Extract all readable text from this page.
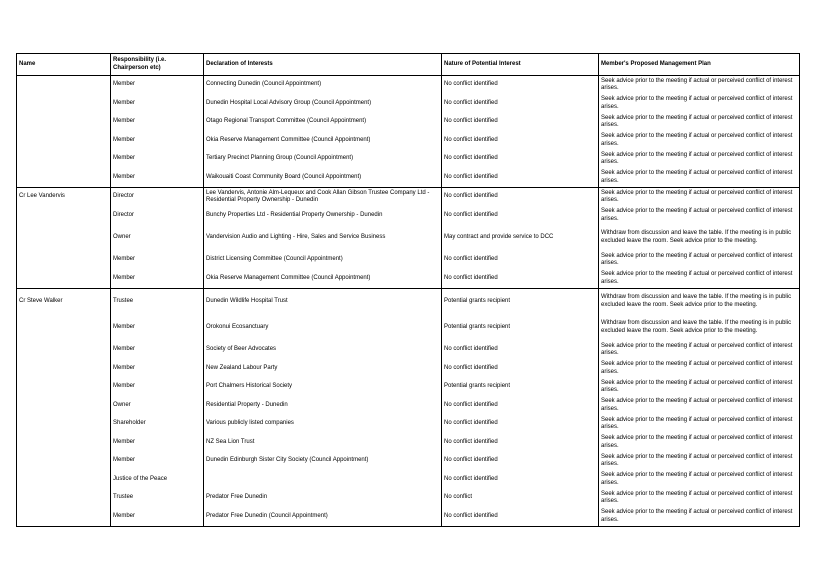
Name	Responsibility (i.e. Chairperson etc)	Declaration of Interests	Nature of Potential Interest	Member's Proposed Management Plan
	Member	Connecting Dunedin (Council Appointment)	No conflict identified	Seek advice prior to the meeting if actual or perceived conflict of interest arises.
	Member	Dunedin Hospital Local Advisory Group (Council Appointment)	No conflict identified	Seek advice prior to the meeting if actual or perceived conflict of interest arises.
	Member	Otago Regional Transport Committee (Council Appointment)	No conflict identified	Seek advice prior to the meeting if actual or perceived conflict of interest arises.
	Member	Okia Reserve Management Committee (Council Appointment)	No conflict identified	Seek advice prior to the meeting if actual or perceived conflict of interest arises.
	Member	Tertiary Precinct Planning Group (Council Appointment)	No conflict identified	Seek advice prior to the meeting if actual or perceived conflict of interest arises.
	Member	Waikouaiti Coast Community Board (Council Appointment)	No conflict identified	Seek advice prior to the meeting if actual or perceived conflict of interest arises.
Cr Lee Vandervis	Director	Lee Vandervis, Antonie Alm-Lequeux and Cook Allan Gibson Trustee Company Ltd - Residential Property Ownership - Dunedin	No conflict identified	Seek advice prior to the meeting if actual or perceived conflict of interest arises.
	Director	Bunchy Properties Ltd - Residential Property Ownership - Dunedin	No conflict identified	Seek advice prior to the meeting if actual or perceived conflict of interest arises.
	Owner	Vandervision Audio and Lighting - Hire, Sales and Service Business	May contract and provide service to DCC	Withdraw from discussion and leave the table. If the meeting is in public excluded leave the room. Seek advice prior to the meeting.
	Member	District Licensing Committee (Council Appointment)	No conflict identified	Seek advice prior to the meeting if actual or perceived conflict of interest arises.
	Member	Okia Reserve Management Committee (Council Appointment)	No conflict identified	Seek advice prior to the meeting if actual or perceived conflict of interest arises.
Cr Steve Walker	Trustee	Dunedin Wildlife Hospital Trust	Potential grants recipient	Withdraw from discussion and leave the table. If the meeting is in public excluded leave the room. Seek advice prior to the meeting.
	Member	Orokonui Ecosanctuary	Potential grants recipient	Withdraw from discussion and leave the table. If the meeting is in public excluded leave the room. Seek advice prior to the meeting.
	Member	Society of Beer Advocates	No conflict identified	Seek advice prior to the meeting if actual or perceived conflict of interest arises.
	Member	New Zealand Labour Party	No conflict identified	Seek advice prior to the meeting if actual or perceived conflict of interest arises.
	Member	Port Chalmers Historical Society	Potential grants recipient	Seek advice prior to the meeting if actual or perceived conflict of interest arises.
	Owner	Residential Property - Dunedin	No conflict identified	Seek advice prior to the meeting if actual or perceived conflict of interest arises.
	Shareholder	Various publicly listed companies	No conflict identified	Seek advice prior to the meeting if actual or perceived conflict of interest arises.
	Member	NZ Sea Lion Trust	No conflict identified	Seek advice prior to the meeting if actual or perceived conflict of interest arises.
	Member	Dunedin Edinburgh Sister City Society (Council Appointment)	No conflict identified	Seek advice prior to the meeting if actual or perceived conflict of interest arises.
	Justice of the Peace		No conflict identified	Seek advice prior to the meeting if actual or perceived conflict of interest arises.
	Trustee	Predator Free Dunedin	No conflict	Seek advice prior to the meeting if actual or perceived conflict of interest arises.
	Member	Predator Free Dunedin (Council Appointment)	No conflict identified	Seek advice prior to the meeting if actual or perceived conflict of interest arises.
